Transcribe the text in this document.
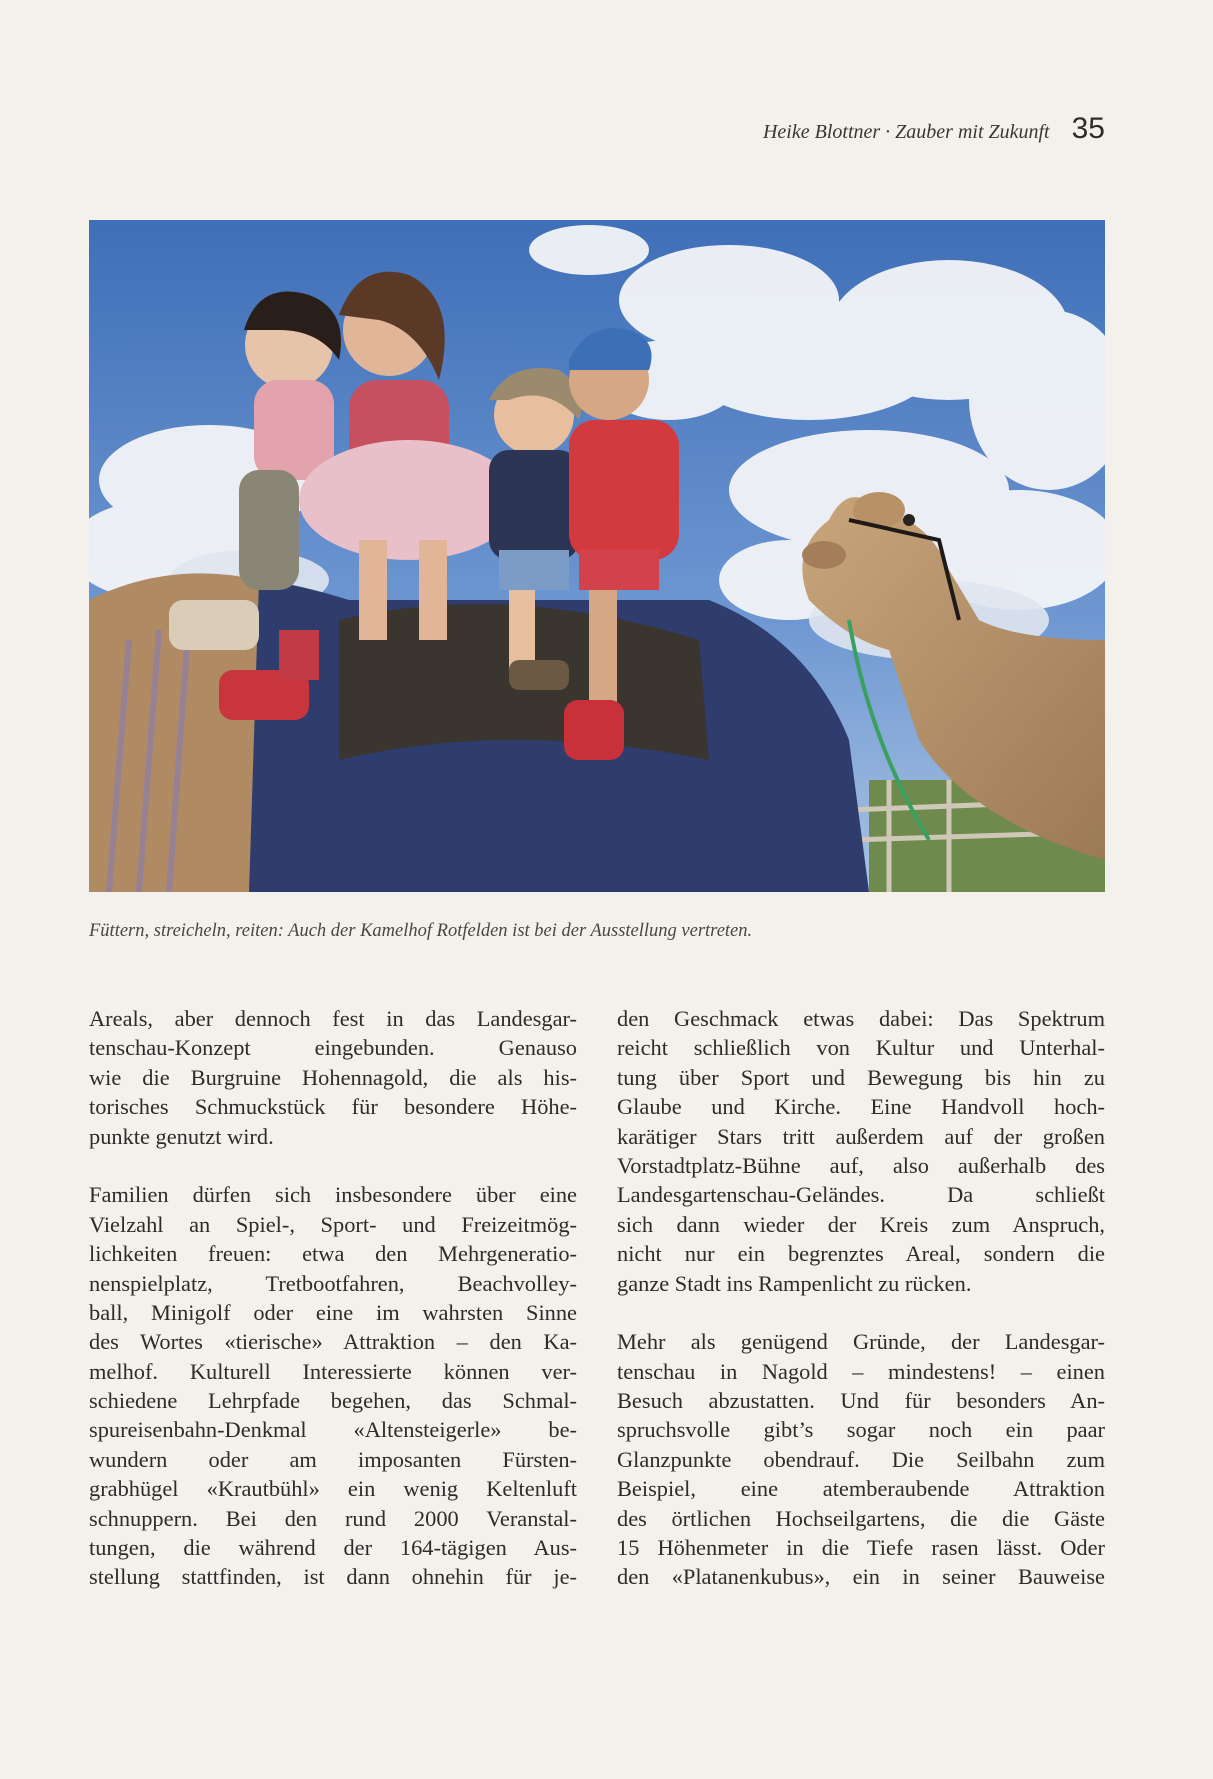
Heike Blottner · Zauber mit Zukunft 35
Füttern, streicheln, reiten: Auch der Kamelhof Rotfelden ist bei der Ausstellung vertreten.
Areals, aber dennoch fest in das Landesgar-
tenschau-Konzept eingebunden. Genauso
wie die Burgruine Hohennagold, die als his-
torisches Schmuckstück für besondere Höhe-
punkte genutzt wird.
Familien dürfen sich insbesondere über eine
Vielzahl an Spiel-, Sport- und Freizeitmög-
lichkeiten freuen: etwa den Mehrgeneratio-
nenspielplatz, Tretbootfahren, Beachvolley-
ball, Minigolf oder eine im wahrsten Sinne
des Wortes «tierische» Attraktion – den Ka-
melhof. Kulturell Interessierte können ver-
schiedene Lehrpfade begehen, das Schmal-
spureisenbahn-Denkmal «Altensteigerle» be-
wundern oder am imposanten Fürsten-
grabhügel «Krautbühl» ein wenig Keltenluft
schnuppern. Bei den rund 2000 Veranstal-
tungen, die während der 164-tägigen Aus-
stellung stattfinden, ist dann ohnehin für je-
den Geschmack etwas dabei: Das Spektrum
reicht schließlich von Kultur und Unterhal-
tung über Sport und Bewegung bis hin zu
Glaube und Kirche. Eine Handvoll hoch-
karätiger Stars tritt außerdem auf der großen
Vorstadtplatz-Bühne auf, also außerhalb des
Landesgartenschau-Geländes. Da schließt
sich dann wieder der Kreis zum Anspruch,
nicht nur ein begrenztes Areal, sondern die
ganze Stadt ins Rampenlicht zu rücken.
Mehr als genügend Gründe, der Landesgar-
tenschau in Nagold – mindestens! – einen
Besuch abzustatten. Und für besonders An-
spruchsvolle gibt’s sogar noch ein paar
Glanzpunkte obendrauf. Die Seilbahn zum
Beispiel, eine atemberaubende Attraktion
des örtlichen Hochseilgartens, die die Gäste
15 Höhenmeter in die Tiefe rasen lässt. Oder
den «Platanenkubus», ein in seiner Bauweise
